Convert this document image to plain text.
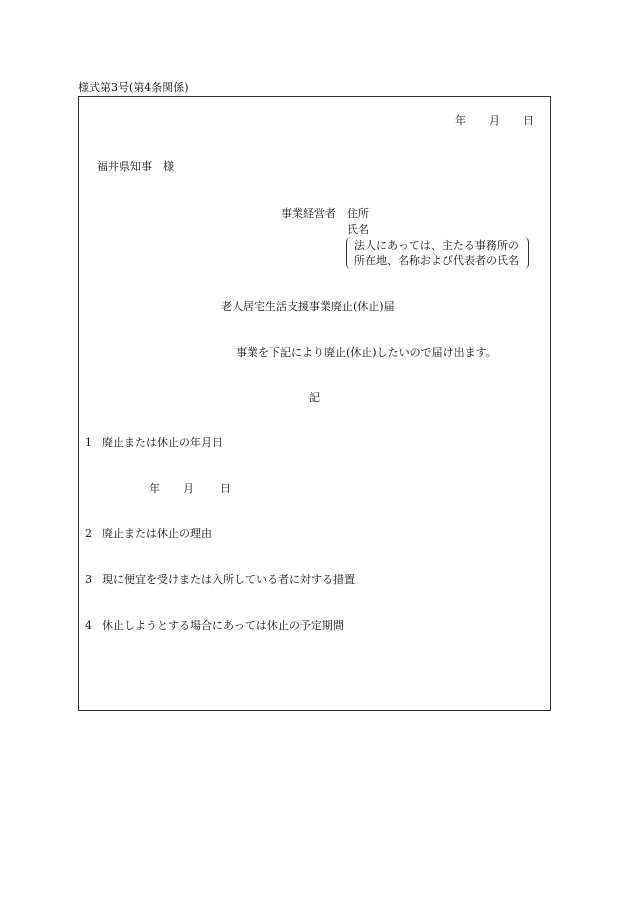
様式第3号(第4条関係)
年 月 日
福井県知事　様
事業経営者 住所
氏名
法人にあっては、主たる事務所の
所在地、名称および代表者の氏名
老人居宅生活支援事業廃止(休止)届
事業を下記により廃止(休止)したいので届け出ます。
記
1 廃止または休止の年月日
年 月 日
2 廃止または休止の理由
3 現に便宜を受けまたは入所している者に対する措置
4 休止しようとする場合にあっては休止の予定期間
